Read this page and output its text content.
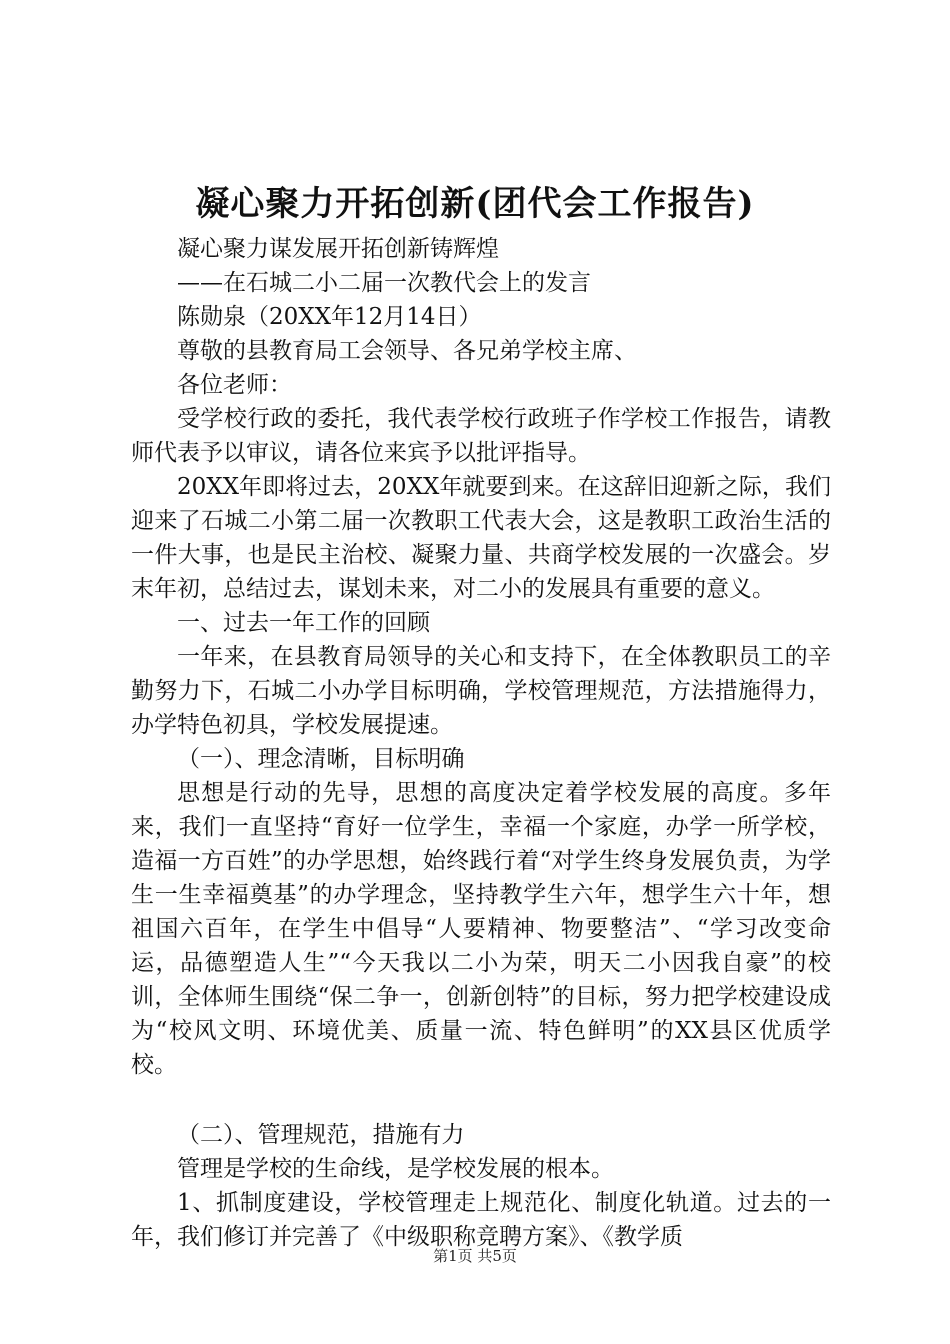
凝心聚力开拓创新(团代会工作报告)

凝心聚力谋发展开拓创新铸辉煌

——在石城二小二届一次教代会上的发言

陈勋泉（20XX年12月14日）

尊敬的县教育局工会领导、各兄弟学校主席、

各位老师：

受学校行政的委托，我代表学校行政班子作学校工作报告，请教师代表予以审议，请各位来宾予以批评指导。

20XX年即将过去，20XX年就要到来。在这辞旧迎新之际，我们迎来了石城二小第二届一次教职工代表大会，这是教职工政治生活的一件大事，也是民主治校、凝聚力量、共商学校发展的一次盛会。岁末年初，总结过去，谋划未来，对二小的发展具有重要的意义。

一、过去一年工作的回顾

一年来，在县教育局领导的关心和支持下，在全体教职员工的辛勤努力下，石城二小办学目标明确，学校管理规范，方法措施得力，办学特色初具，学校发展提速。

（一）、理念清晰，目标明确

思想是行动的先导，思想的高度决定着学校发展的高度。多年来，我们一直坚持“育好一位学生，幸福一个家庭，办学一所学校，造福一方百姓”的办学思想，始终践行着“对学生终身发展负责，为学生一生幸福奠基”的办学理念，坚持教学生六年，想学生六十年，想祖国六百年，在学生中倡导“人要精神、物要整洁”、“学习改变命运，品德塑造人生”“今天我以二小为荣，明天二小因我自豪”的校训，全体师生围绕“保二争一，创新创特”的目标，努力把学校建设成为“校风文明、环境优美、质量一流、特色鲜明”的XX县区优质学校。

（二）、管理规范，措施有力

管理是学校的生命线，是学校发展的根本。

1、抓制度建设，学校管理走上规范化、制度化轨道。过去的一年，我们修订并完善了《中级职称竞聘方案》、《教学质

第1页 共5页
